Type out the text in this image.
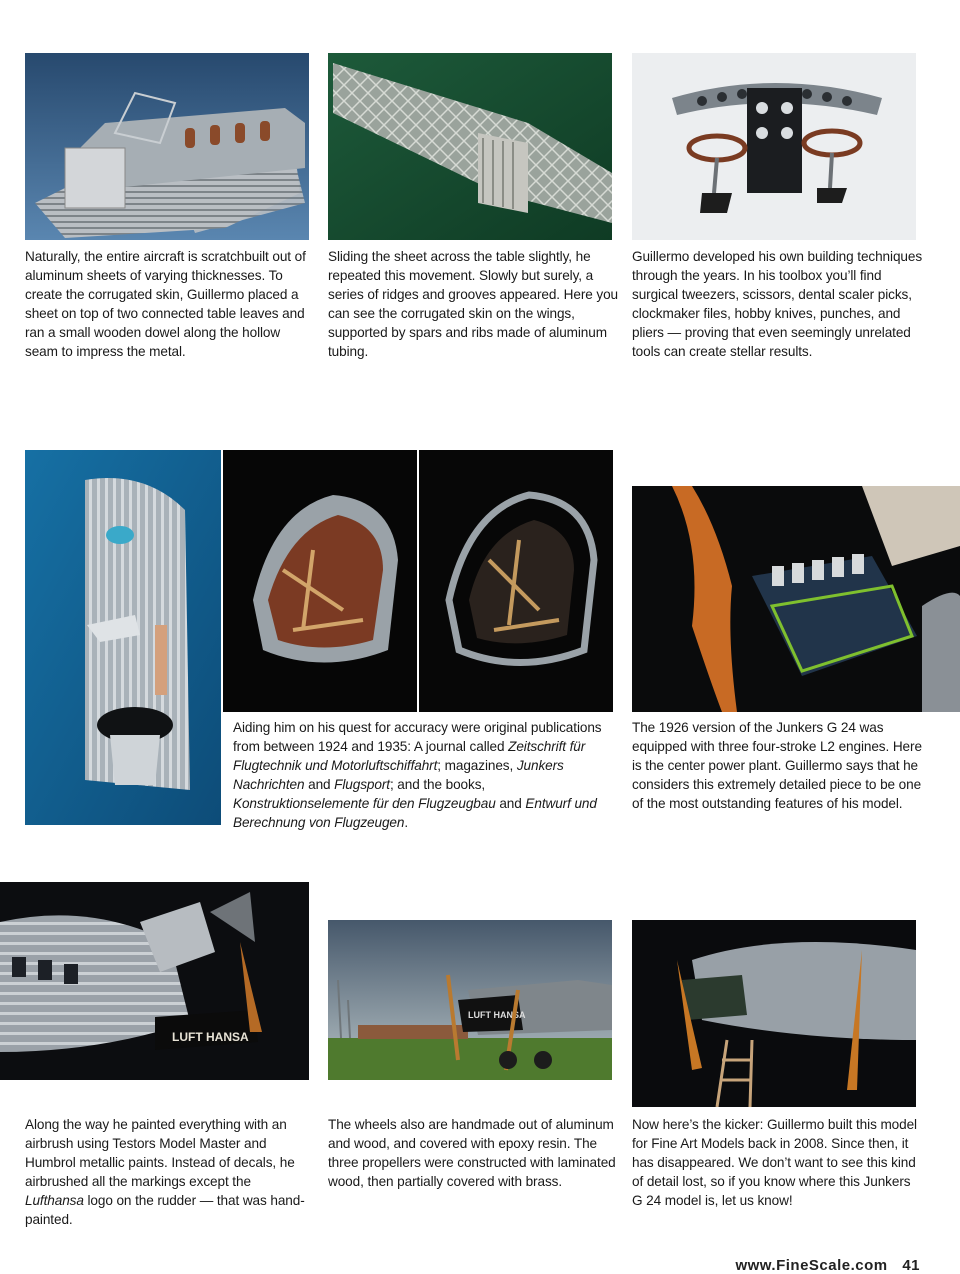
Naturally, the entire aircraft is scratchbuilt out of aluminum sheets of varying thicknesses. To create the corrugated skin, Guillermo placed a sheet on top of two connected table leaves and ran a small wooden dowel along the hollow seam to impress the metal.

Sliding the sheet across the table slightly, he repeated this movement. Slowly but surely, a series of ridges and grooves appeared. Here you can see the corrugated skin on the wings, supported by spars and ribs made of aluminum tubing.

Guillermo developed his own building techniques through the years. In his toolbox you’ll find surgical tweezers, scissors, dental scaler picks, clockmaker files, hobby knives, punches, and pliers — proving that even seemingly unrelated tools can create stellar results.

Aiding him on his quest for accuracy were original publications from between 1924 and 1935: A journal called Zeitschrift für Flugtechnik und Motorluftschiffahrt; magazines, Junkers Nachrichten and Flugsport; and the books, Konstruktionselemente für den Flugzeugbau and Entwurf und Berechnung von Flugzeugen.

The 1926 version of the Junkers G 24 was equipped with three four-stroke L2 engines. Here is the center power plant. Guillermo says that he considers this extremely detailed piece to be one of the most outstanding features of his model.

LUFT HANSA
LUFT HANSA

Along the way he painted everything with an airbrush using Testors Model Master and Humbrol metallic paints. Instead of decals, he airbrushed all the markings except the Lufthansa logo on the rudder — that was hand-painted.

The wheels also are handmade out of aluminum and wood, and covered with epoxy resin. The three propellers were constructed with laminated wood, then partially covered with brass.

Now here’s the kicker: Guillermo built this model for Fine Art Models back in 2008. Since then, it has disappeared. We don’t want to see this kind of detail lost, so if you know where this Junkers G 24 model is, let us know!

www.FineScale.com 41
